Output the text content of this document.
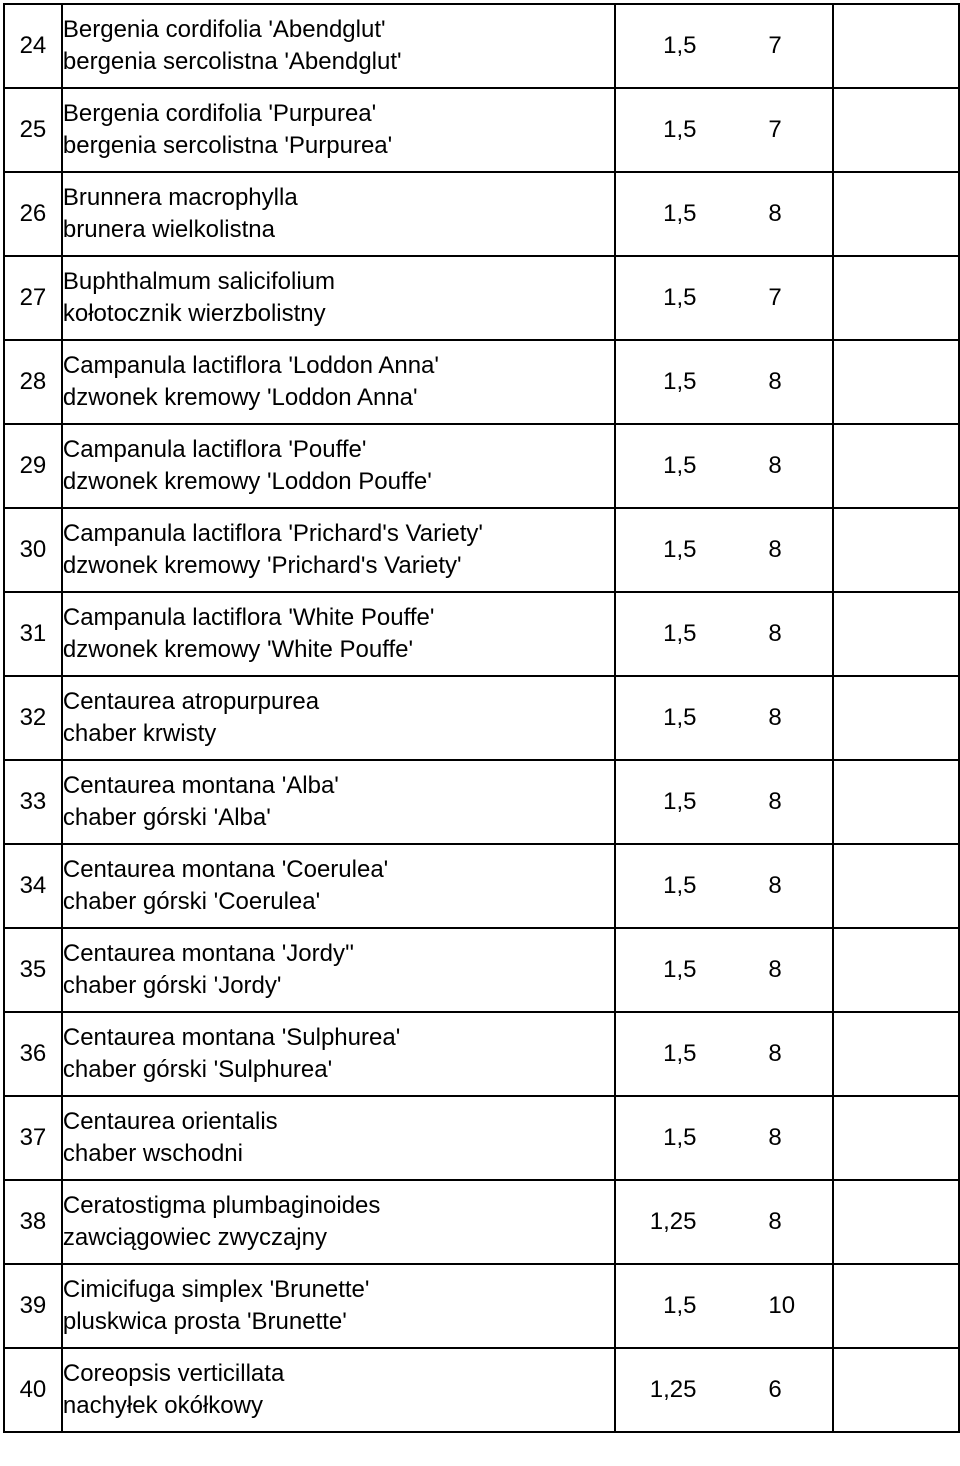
24	Bergenia cordifolia 'Abendglut'
bergenia sercolistna 'Abendglut'	1,5 7	

25	Bergenia cordifolia 'Purpurea'
bergenia sercolistna 'Purpurea'	1,5 7	

26	Brunnera macrophylla
brunera wielkolistna	1,5 8	

27	Buphthalmum salicifolium
kołotocznik wierzbolistny	1,5 7	

28	Campanula lactiflora 'Loddon Anna'
dzwonek kremowy 'Loddon Anna'	1,5 8	

29	Campanula lactiflora 'Pouffe'
dzwonek kremowy 'Loddon Pouffe'	1,5 8	

30	Campanula lactiflora 'Prichard's Variety'
dzwonek kremowy 'Prichard's Variety'	1,5 8	

31	Campanula lactiflora 'White Pouffe'
dzwonek kremowy 'White Pouffe'	1,5 8	

32	Centaurea atropurpurea
chaber krwisty	1,5 8	

33	Centaurea montana 'Alba'
chaber górski 'Alba'	1,5 8	

34	Centaurea montana 'Coerulea'
chaber górski 'Coerulea'	1,5 8	

35	Centaurea montana 'Jordy''
chaber górski 'Jordy'	1,5 8	

36	Centaurea montana 'Sulphurea'
chaber górski 'Sulphurea'	1,5 8	

37	Centaurea orientalis
chaber wschodni	1,5 8	

38	Ceratostigma plumbaginoides
zawciągowiec zwyczajny	1,25 8	

39	Cimicifuga simplex 'Brunette'
pluskwica prosta 'Brunette'	1,5 10	

40	Coreopsis verticillata
nachyłek okółkowy	1,25 6	
